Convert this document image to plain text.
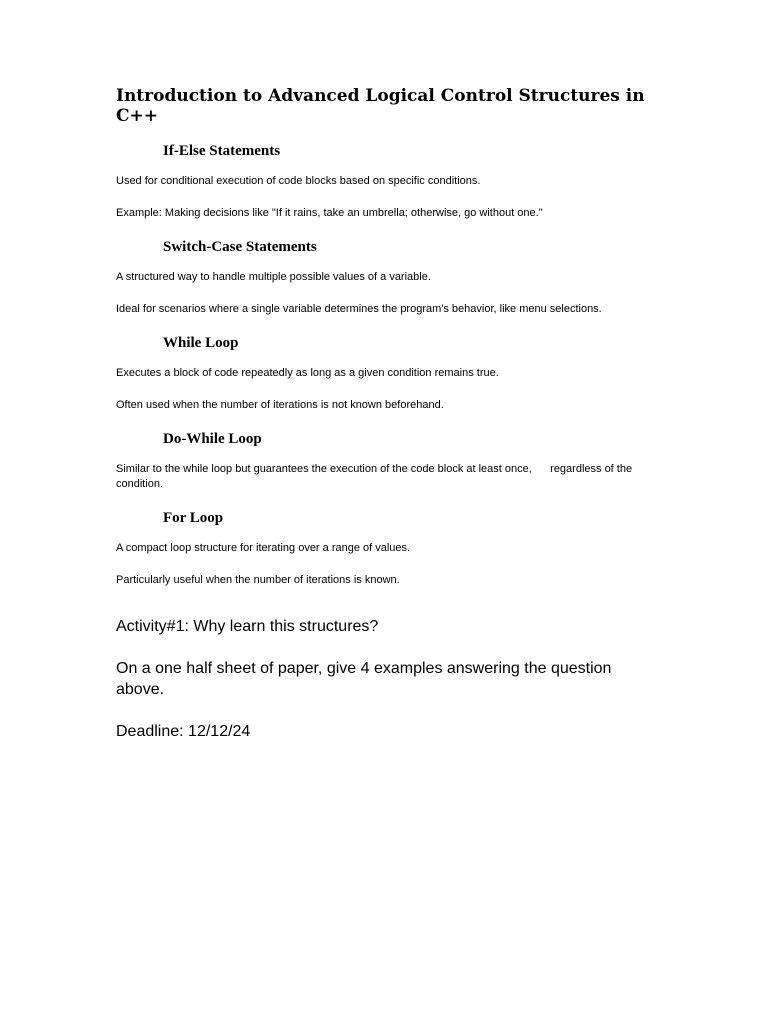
Introduction to Advanced Logical Control Structures in C++
If-Else Statements

Used for conditional execution of code blocks based on specific conditions.

Example: Making decisions like "If it rains, take an umbrella; otherwise, go without one."

Switch-Case Statements

A structured way to handle multiple possible values of a variable.

Ideal for scenarios where a single variable determines the program's behavior, like menu selections.

While Loop

Executes a block of code repeatedly as long as a given condition remains true.

Often used when the number of iterations is not known beforehand.

Do-While Loop

Similar to the while loop but guarantees the execution of the code block at least once,      regardless of the condition.

For Loop

A compact loop structure for iterating over a range of values.

Particularly useful when the number of iterations is known.

Activity#1: Why learn this structures?

On a one half sheet of paper, give 4 examples answering the question above.

Deadline: 12/12/24
